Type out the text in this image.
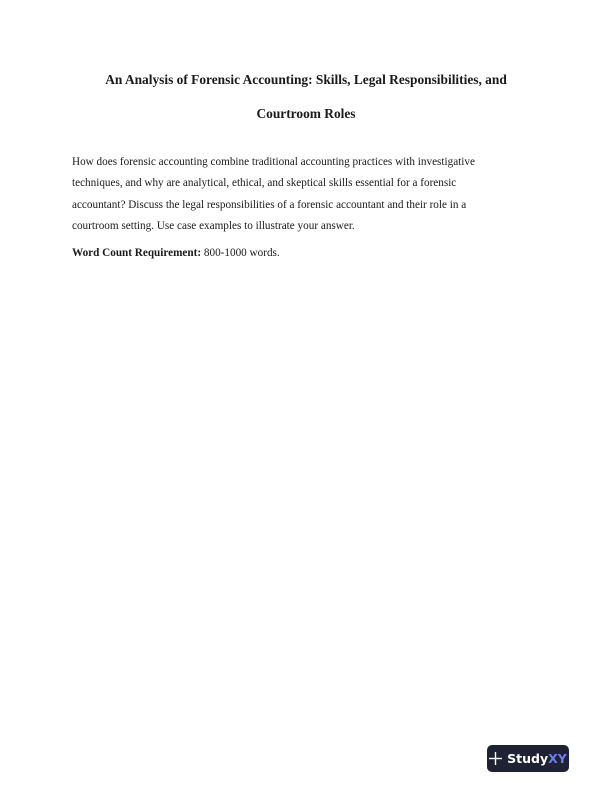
An Analysis of Forensic Accounting: Skills, Legal Responsibilities, and
Courtroom Roles

How does forensic accounting combine traditional accounting practices with investigative
techniques, and why are analytical, ethical, and skeptical skills essential for a forensic
accountant? Discuss the legal responsibilities of a forensic accountant and their role in a
courtroom setting. Use case examples to illustrate your answer.

Word Count Requirement: 800-1000 words.

StudyXY
